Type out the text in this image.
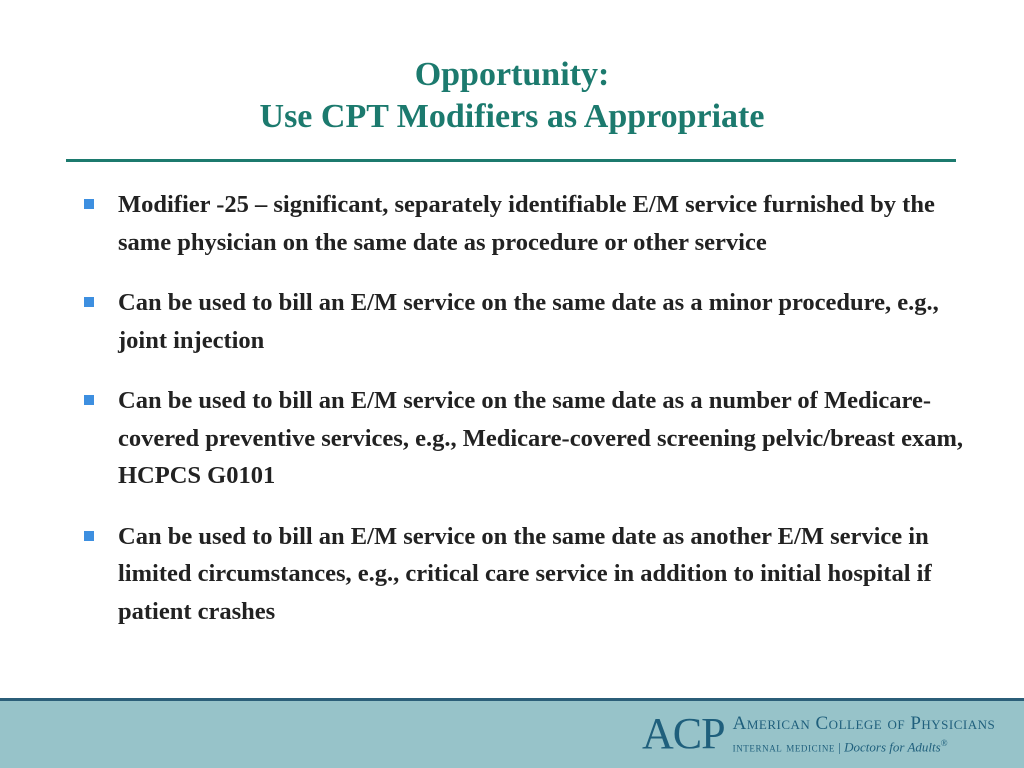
Opportunity:
Use CPT Modifiers as Appropriate
Modifier -25 – significant, separately identifiable E/M service furnished by the same physician on the same date as procedure or other service
Can be used to bill an E/M service on the same date as a minor procedure, e.g., joint injection
Can be used to bill an E/M service on the same date as a number of Medicare-covered preventive services, e.g., Medicare-covered screening pelvic/breast exam, HCPCS G0101
Can be used to bill an E/M service on the same date as another E/M service in limited circumstances, e.g., critical care service in addition to initial hospital if patient crashes
ACP American College of Physicians
internal medicine | Doctors for Adults®
